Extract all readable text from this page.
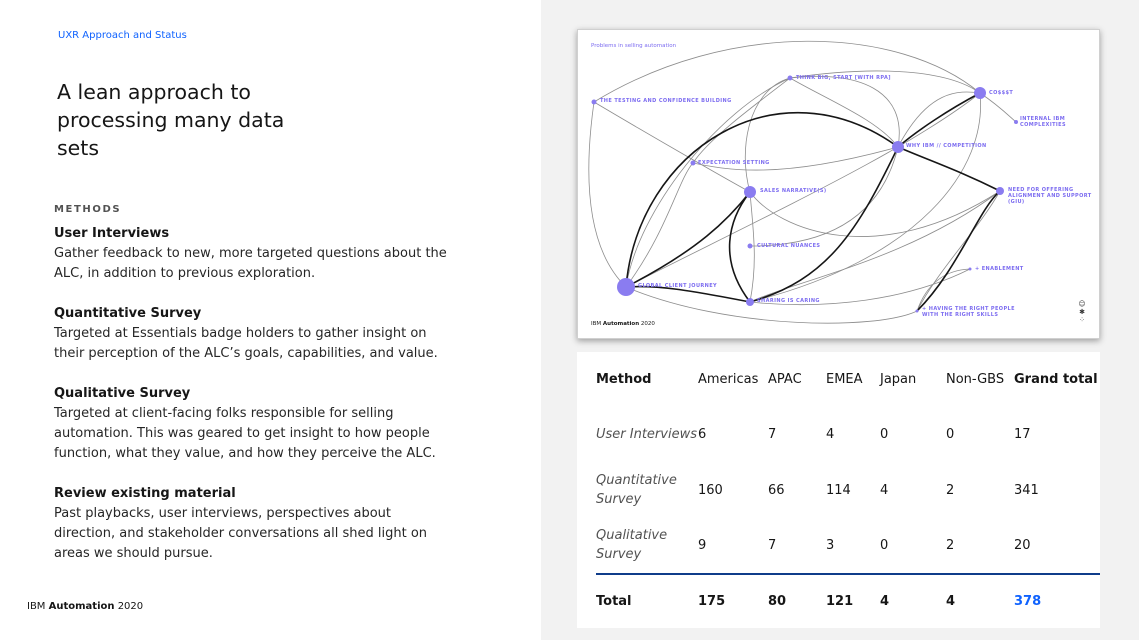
UXR Approach and Status
A lean approach to processing many data sets
METHODS
User Interviews
Gather feedback to new, more targeted questions about the ALC, in addition to previous exploration.
Quantitative Survey
Targeted at Essentials badge holders to gather insight on their perception of the ALC’s goals, capabilities, and value.
Qualitative Survey
Targeted at client-facing folks responsible for selling automation. This was geared to get insight to how people function, what they value, and how they perceive the ALC.
Review existing material
Past playbacks, user interviews, perspectives about direction, and stakeholder conversations all shed light on areas we should pursue.
IBM Automation 2020
Problems in selling automation
THE TESTING AND CONFIDENCE BUILDING
THINK BIG, START [WITH RPA]
CO$$$T
INTERNAL IBM COMPLEXITIES
EXPECTATION SETTING
WHY IBM // COMPETITION
SALES NARRATIVE(S)	NEED FOR OFFERING ALIGNMENT AND SUPPORT (GIU)
CULTURAL NUANCES
+ ENABLEMENT
GLOBAL CLIENT JOURNEY
SHARING IS CARING
+ HAVING THE RIGHT PEOPLE WITH THE RIGHT SKILLS
IBM Automation 2020
☺
✱
⁘
Method	Americas	APAC	EMEA	Japan	Non-GBS	Grand total
User Interviews	6	7	4	0	0	17
Quantitative Survey	160	66	114	4	2	341
Qualitative Survey	9	7	3	0	2	20
Total	175	80	121	4	4	378
